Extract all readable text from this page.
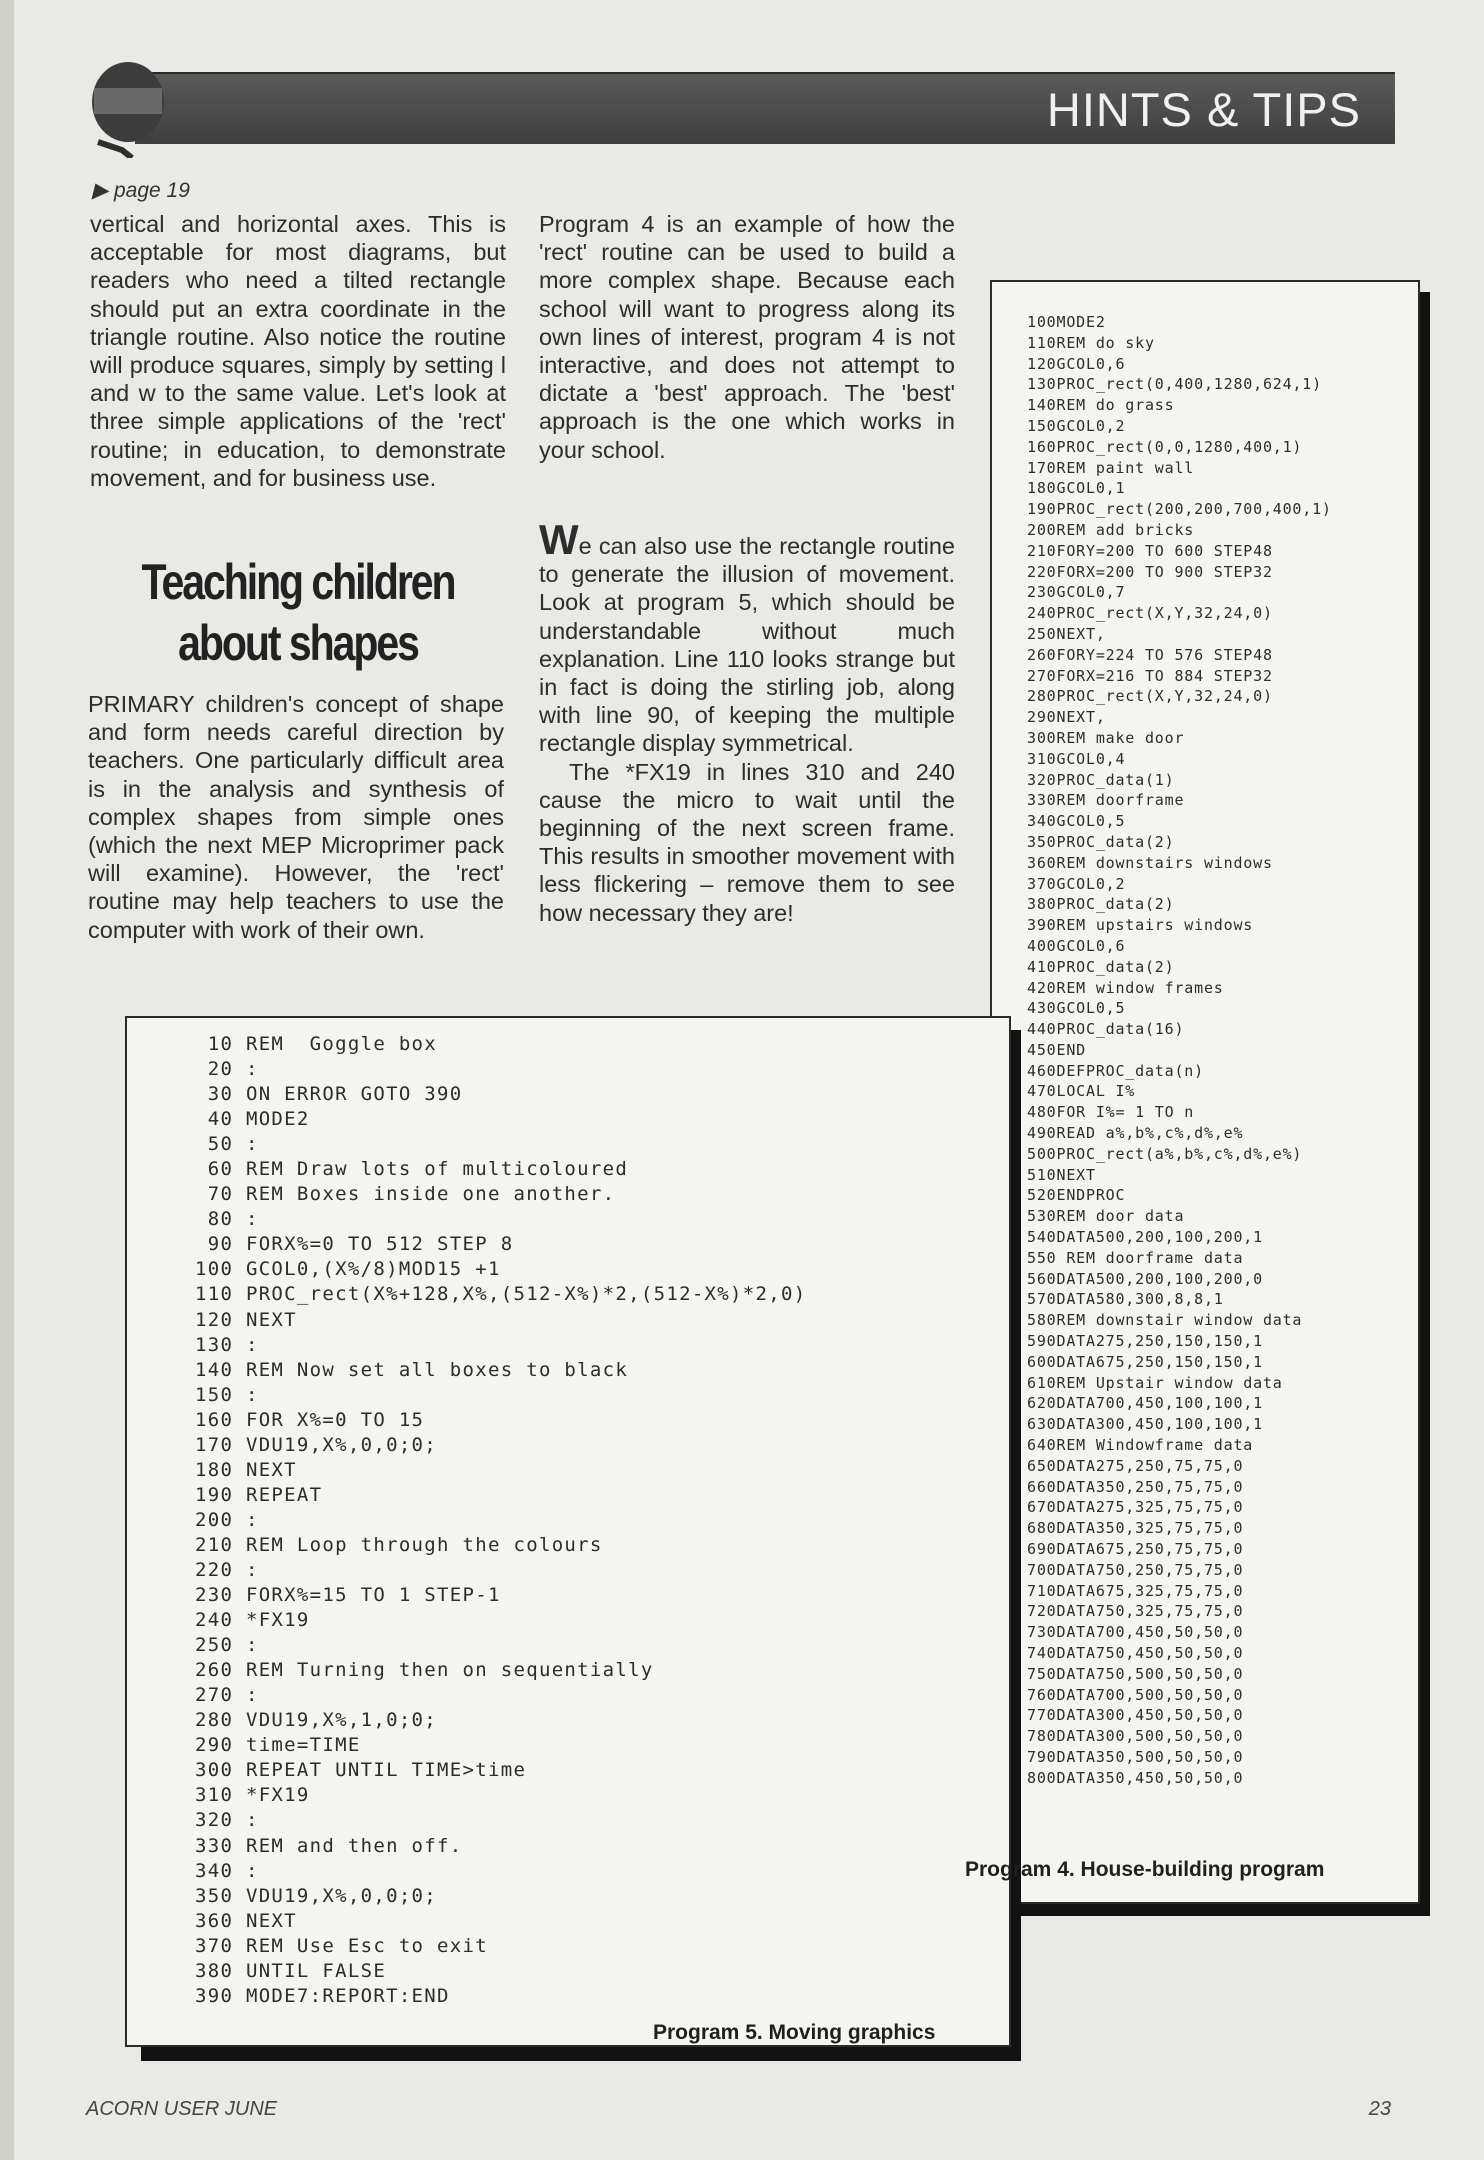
HINTS & TIPS
▶ page 19

vertical and horizontal axes. This is acceptable for most diagrams, but readers who need a tilted rectangle should put an extra coordinate in the triangle routine. Also notice the routine will produce squares, simply by setting l and w to the same value. Let's look at three simple applications of the 'rect' routine; in education, to demonstrate movement, and for business use.

Teaching children
about shapes

PRIMARY children's concept of shape and form needs careful direction by teachers. One particularly difficult area is in the analysis and synthesis of complex shapes from simple ones (which the next MEP Microprimer pack will examine). However, the 'rect' routine may help teachers to use the computer with work of their own.

Program 4 is an example of how the 'rect' routine can be used to build a more complex shape. Because each school will want to progress along its own lines of interest, program 4 is not interactive, and does not attempt to dictate a 'best' approach. The 'best' approach is the one which works in your school.

We can also use the rectangle routine to generate the illusion of movement. Look at program 5, which should be understandable without much explanation. Line 110 looks strange but in fact is doing the stirling job, along with line 90, of keeping the multiple rectangle display symmetrical.

The *FX19 in lines 310 and 240 cause the micro to wait until the beginning of the next screen frame. This results in smoother movement with less flickering – remove them to see how necessary they are!

100MODE2
110REM do sky
120GCOL0,6
130PROC_rect(0,400,1280,624,1)
140REM do grass
150GCOL0,2
160PROC_rect(0,0,1280,400,1)
170REM paint wall
180GCOL0,1
190PROC_rect(200,200,700,400,1)
200REM add bricks
210FORY=200 TO 600 STEP48
220FORX=200 TO 900 STEP32
230GCOL0,7
240PROC_rect(X,Y,32,24,0)
250NEXT,
260FORY=224 TO 576 STEP48
270FORX=216 TO 884 STEP32
280PROC_rect(X,Y,32,24,0)
290NEXT,
300REM make door
310GCOL0,4
320PROC_data(1)
330REM doorframe
340GCOL0,5
350PROC_data(2)
360REM downstairs windows
370GCOL0,2
380PROC_data(2)
390REM upstairs windows
400GCOL0,6
410PROC_data(2)
420REM window frames
430GCOL0,5
440PROC_data(16)
450END
460DEFPROC_data(n)
470LOCAL I%
480FOR I%= 1 TO n
490READ a%,b%,c%,d%,e%
500PROC_rect(a%,b%,c%,d%,e%)
510NEXT
520ENDPROC
530REM door data
540DATA500,200,100,200,1
550 REM doorframe data
560DATA500,200,100,200,0
570DATA580,300,8,8,1
580REM downstair window data
590DATA275,250,150,150,1
600DATA675,250,150,150,1
610REM Upstair window data
620DATA700,450,100,100,1
630DATA300,450,100,100,1
640REM Windowframe data
650DATA275,250,75,75,0
660DATA350,250,75,75,0
670DATA275,325,75,75,0
680DATA350,325,75,75,0
690DATA675,250,75,75,0
700DATA750,250,75,75,0
710DATA675,325,75,75,0
720DATA750,325,75,75,0
730DATA700,450,50,50,0
740DATA750,450,50,50,0
750DATA750,500,50,50,0
760DATA700,500,50,50,0
770DATA300,450,50,50,0
780DATA300,500,50,50,0
790DATA350,500,50,50,0
800DATA350,450,50,50,0
10 REM  Goggle box
20 :
30 ON ERROR GOTO 390
40 MODE2
50 :
60 REM Draw lots of multicoloured
70 REM Boxes inside one another.
80 :
90 FORX%=0 TO 512 STEP 8
100 GCOL0,(X%/8)MOD15 +1
110 PROC_rect(X%+128,X%,(512-X%)*2,(512-X%)*2,0)
120 NEXT
130 :
140 REM Now set all boxes to black
150 :
160 FOR X%=0 TO 15
170 VDU19,X%,0,0;0;
180 NEXT
190 REPEAT
200 :
210 REM Loop through the colours
220 :
230 FORX%=15 TO 1 STEP-1
240 *FX19
250 :
260 REM Turning then on sequentially
270 :
280 VDU19,X%,1,0;0;
290 time=TIME
300 REPEAT UNTIL TIME>time
310 *FX19
320 :
330 REM and then off.
340 :
350 VDU19,X%,0,0;0;
360 NEXT
370 REM Use Esc to exit
380 UNTIL FALSE
390 MODE7:REPORT:END
Program 5. Moving graphics
Program 4. House-building program
ACORN USER JUNE	23
